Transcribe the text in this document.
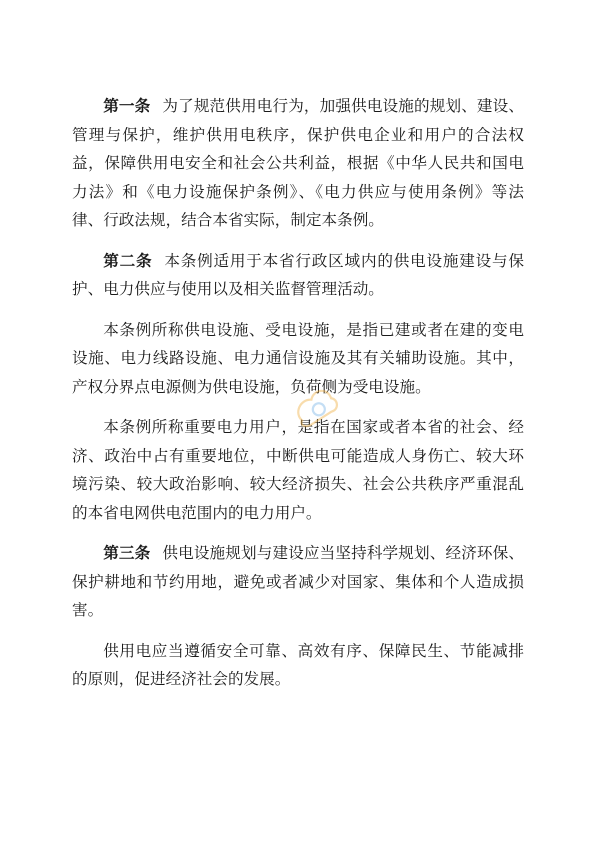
第一条 为了规范供用电行为，加强供电设施的规划、建设、管理与保护，维护供用电秩序，保护供电企业和用户的合法权益，保障供用电安全和社会公共利益，根据《中华人民共和国电力法》和《电力设施保护条例》、《电力供应与使用条例》等法律、行政法规，结合本省实际，制定本条例。

第二条 本条例适用于本省行政区域内的供电设施建设与保护、电力供应与使用以及相关监督管理活动。

本条例所称供电设施、受电设施，是指已建或者在建的变电设施、电力线路设施、电力通信设施及其有关辅助设施。其中，产权分界点电源侧为供电设施，负荷侧为受电设施。

本条例所称重要电力用户，是指在国家或者本省的社会、经济、政治中占有重要地位，中断供电可能造成人身伤亡、较大环境污染、较大政治影响、较大经济损失、社会公共秩序严重混乱的本省电网供电范围内的电力用户。

第三条 供电设施规划与建设应当坚持科学规划、经济环保、保护耕地和节约用地，避免或者减少对国家、集体和个人造成损害。

供用电应当遵循安全可靠、高效有序、保障民生、节能减排的原则，促进经济社会的发展。
